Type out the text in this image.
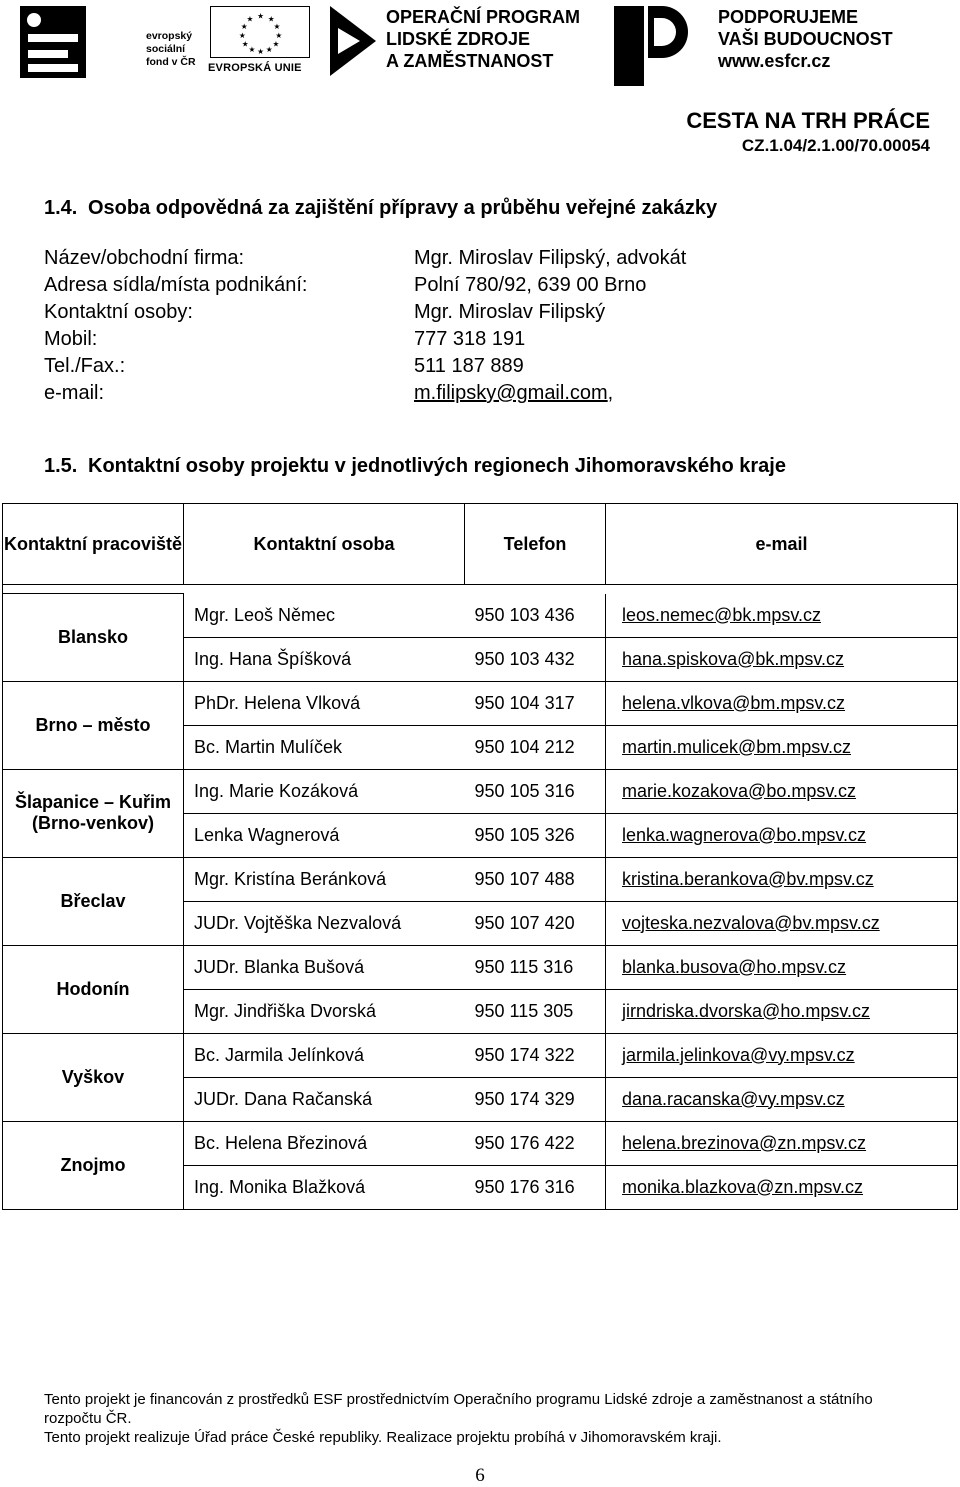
evropský
sociální
fond v ČR
★ ★
★
★
★
★
★
★
★
★
★
★
EVROPSKÁ UNIE
OPERAČNÍ PROGRAM
LIDSKÉ ZDROJE
A ZAMĚSTNANOST
PODPORUJEME
VAŠI BUDOUCNOST
www.esfcr.cz
CESTA NA TRH PRÁCE
CZ.1.04/2.1.00/70.00054
1.4. Osoba odpovědná za zajištění přípravy a průběhu veřejné zakázky
Název/obchodní firma:	Mgr. Miroslav Filipský, advokát
Adresa sídla/místa podnikání:	Polní 780/92, 639 00 Brno
Kontaktní osoby:	Mgr. Miroslav Filipský
Mobil:	777 318 191
Tel./Fax.:	511 187 889
e-mail:	m.filipsky@gmail.com,
1.5. Kontaktní osoby projektu v jednotlivých regionech Jihomoravského kraje
Kontaktní pracoviště	Kontaktní osoba	Telefon	e-mail

Blansko	Mgr. Leoš Němec	950 103 436	leos.nemec@bk.mpsv.cz
	Ing. Hana Špíšková	950 103 432	hana.spiskova@bk.mpsv.cz
Brno – město	PhDr. Helena Vlková	950 104 317	helena.vlkova@bm.mpsv.cz
	Bc. Martin Mulíček	950 104 212	martin.mulicek@bm.mpsv.cz
Šlapanice – Kuřim (Brno-venkov)	Ing. Marie Kozáková	950 105 316	marie.kozakova@bo.mpsv.cz
	Lenka Wagnerová	950 105 326	lenka.wagnerova@bo.mpsv.cz
Břeclav	Mgr. Kristína Beránková	950 107 488	kristina.berankova@bv.mpsv.cz
	JUDr. Vojtěška Nezvalová	950 107 420	vojteska.nezvalova@bv.mpsv.cz
Hodonín	JUDr. Blanka Bušová	950 115 316	blanka.busova@ho.mpsv.cz
	Mgr. Jindřiška Dvorská	950 115 305	jirndriska.dvorska@ho.mpsv.cz
Vyškov	Bc. Jarmila Jelínková	950 174 322	jarmila.jelinkova@vy.mpsv.cz
	JUDr. Dana Račanská	950 174 329	dana.racanska@vy.mpsv.cz
Znojmo	Bc. Helena Březinová	950 176 422	helena.brezinova@zn.mpsv.cz
	Ing. Monika Blažková	950 176 316	monika.blazkova@zn.mpsv.cz
Tento projekt je financován z prostředků ESF prostřednictvím Operačního programu Lidské zdroje a zaměstnanost a státního rozpočtu ČR.
Tento projekt realizuje Úřad práce České republiky. Realizace projektu probíhá v Jihomoravském kraji.
6
